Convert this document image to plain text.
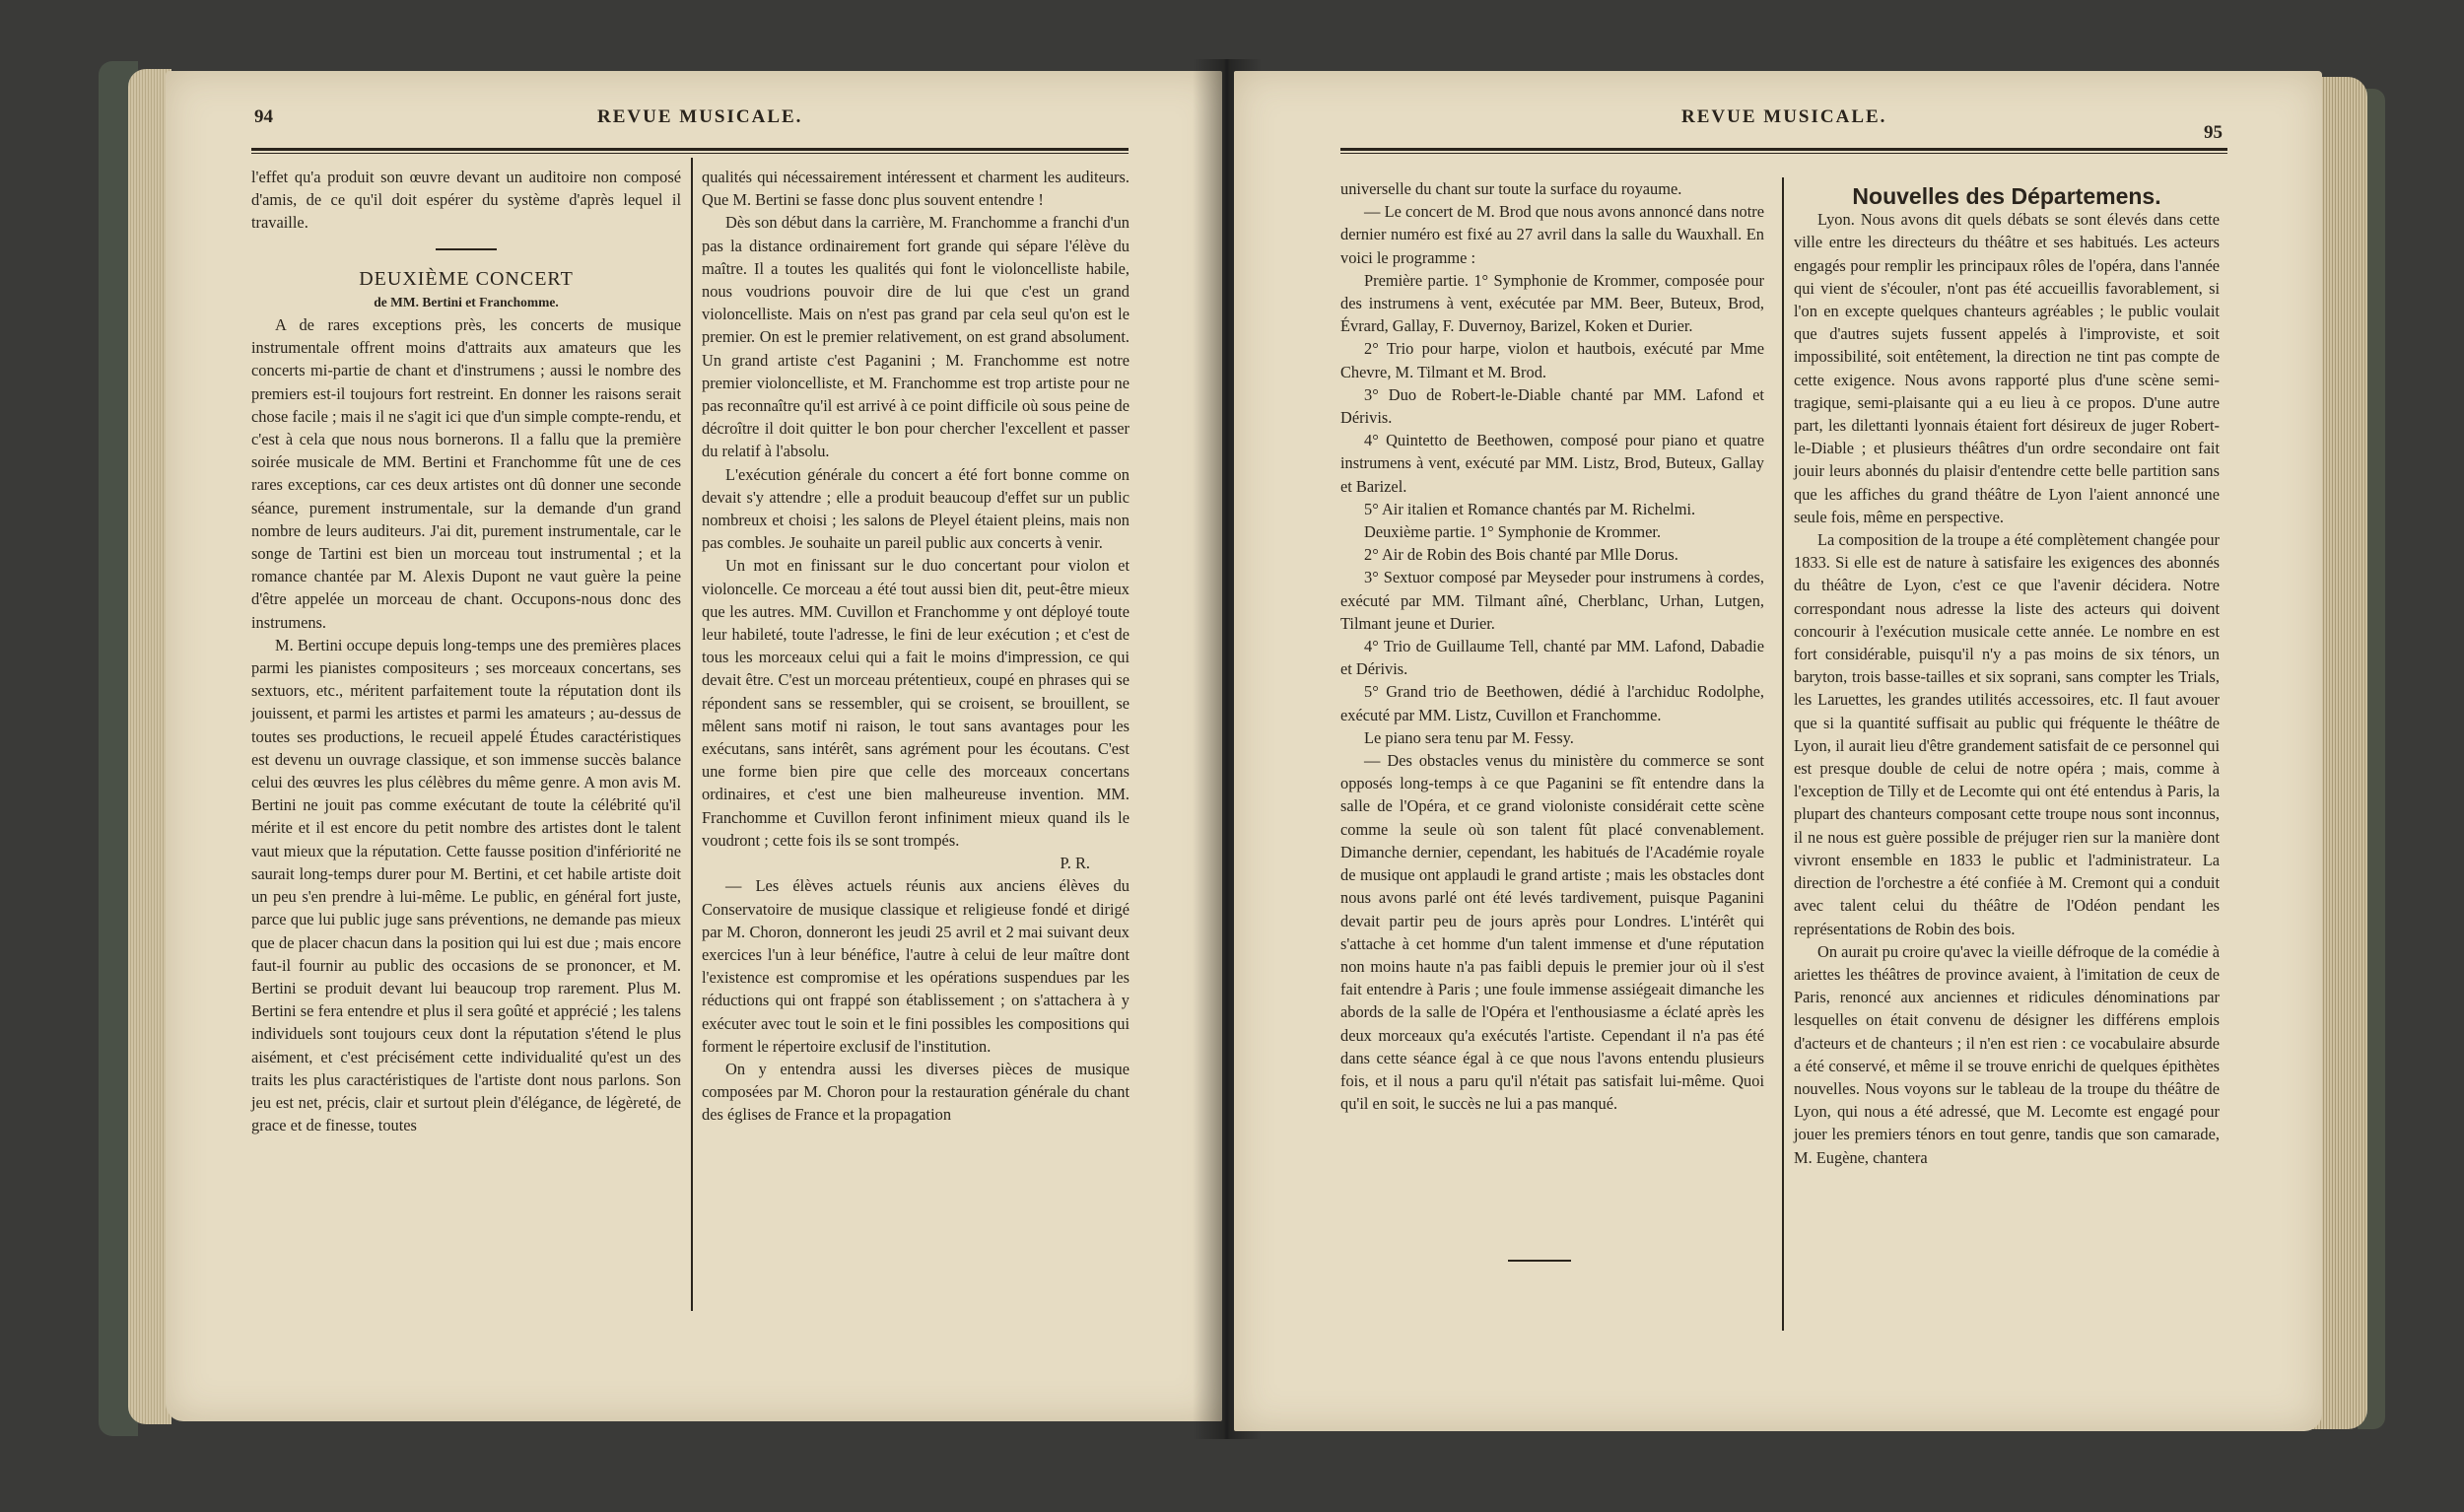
94	REVUE MUSICALE.

l'effet qu'a produit son œuvre devant un auditoire non composé d'amis, de ce qu'il doit espérer du système d'après lequel il travaille.

DEUXIÈME CONCERT

de MM. Bertini et Franchomme.

A de rares exceptions près, les concerts de musique instrumentale offrent moins d'attraits aux amateurs que les concerts mi-partie de chant et d'instrumens ; aussi le nombre des premiers est-il toujours fort restreint. En donner les raisons serait chose facile ; mais il ne s'agit ici que d'un simple compte-rendu, et c'est à cela que nous nous bornerons. Il a fallu que la première soirée musicale de MM. Bertini et Franchomme fût une de ces rares exceptions, car ces deux artistes ont dû donner une seconde séance, purement instrumentale, sur la demande d'un grand nombre de leurs auditeurs. J'ai dit, purement instrumentale, car le songe de Tartini est bien un morceau tout instrumental ; et la romance chantée par M. Alexis Dupont ne vaut guère la peine d'être appelée un morceau de chant. Occupons-nous donc des instrumens.

M. Bertini occupe depuis long-temps une des premières places parmi les pianistes compositeurs ; ses morceaux concertans, ses sextuors, etc., méritent parfaitement toute la réputation dont ils jouissent, et parmi les artistes et parmi les amateurs ; au-dessus de toutes ses productions, le recueil appelé Études caractéristiques est devenu un ouvrage classique, et son immense succès balance celui des œuvres les plus célèbres du même genre. A mon avis M. Bertini ne jouit pas comme exécutant de toute la célébrité qu'il mérite et il est encore du petit nombre des artistes dont le talent vaut mieux que la réputation. Cette fausse position d'infériorité ne saurait long-temps durer pour M. Bertini, et cet habile artiste doit un peu s'en prendre à lui-même. Le public, en général fort juste, parce que lui public juge sans préventions, ne demande pas mieux que de placer chacun dans la position qui lui est due ; mais encore faut-il fournir au public des occasions de se prononcer, et M. Bertini se produit devant lui beaucoup trop rarement. Plus M. Bertini se fera entendre et plus il sera goûté et apprécié ; les talens individuels sont toujours ceux dont la réputation s'étend le plus aisément, et c'est précisément cette individualité qu'est un des traits les plus caractéristiques de l'artiste dont nous parlons. Son jeu est net, précis, clair et surtout plein d'élégance, de légèreté, de grace et de finesse, toutes

qualités qui nécessairement intéressent et charment les auditeurs. Que M. Bertini se fasse donc plus souvent entendre !

Dès son début dans la carrière, M. Franchomme a franchi d'un pas la distance ordinairement fort grande qui sépare l'élève du maître. Il a toutes les qualités qui font le violoncelliste habile, nous voudrions pouvoir dire de lui que c'est un grand violoncelliste. Mais on n'est pas grand par cela seul qu'on est le premier. On est le premier relativement, on est grand absolument. Un grand artiste c'est Paganini ; M. Franchomme est notre premier violoncelliste, et M. Franchomme est trop artiste pour ne pas reconnaître qu'il est arrivé à ce point difficile où sous peine de décroître il doit quitter le bon pour chercher l'excellent et passer du relatif à l'absolu.

L'exécution générale du concert a été fort bonne comme on devait s'y attendre ; elle a produit beaucoup d'effet sur un public nombreux et choisi ; les salons de Pleyel étaient pleins, mais non pas combles. Je souhaite un pareil public aux concerts à venir.

Un mot en finissant sur le duo concertant pour violon et violoncelle. Ce morceau a été tout aussi bien dit, peut-être mieux que les autres. MM. Cuvillon et Franchomme y ont déployé toute leur habileté, toute l'adresse, le fini de leur exécution ; et c'est de tous les morceaux celui qui a fait le moins d'impression, ce qui devait être. C'est un morceau prétentieux, coupé en phrases qui se répondent sans se ressembler, qui se croisent, se brouillent, se mêlent sans motif ni raison, le tout sans avantages pour les exécutans, sans intérêt, sans agrément pour les écoutans. C'est une forme bien pire que celle des morceaux concertans ordinaires, et c'est une bien malheureuse invention. MM. Franchomme et Cuvillon feront infiniment mieux quand ils le voudront ; cette fois ils se sont trompés.

P. R.

— Les élèves actuels réunis aux anciens élèves du Conservatoire de musique classique et religieuse fondé et dirigé par M. Choron, donneront les jeudi 25 avril et 2 mai suivant deux exercices l'un à leur bénéfice, l'autre à celui de leur maître dont l'existence est compromise et les opérations suspendues par les réductions qui ont frappé son établissement ; on s'attachera à y exécuter avec tout le soin et le fini possibles les compositions qui forment le répertoire exclusif de l'institution.

On y entendra aussi les diverses pièces de musique composées par M. Choron pour la restauration générale du chant des églises de France et la propagation

REVUE MUSICALE.
95

universelle du chant sur toute la surface du royaume.

— Le concert de M. Brod que nous avons annoncé dans notre dernier numéro est fixé au 27 avril dans la salle du Wauxhall. En voici le programme :

Première partie. 1° Symphonie de Krommer, composée pour des instrumens à vent, exécutée par MM. Beer, Buteux, Brod, Évrard, Gallay, F. Duvernoy, Barizel, Koken et Durier.

2° Trio pour harpe, violon et hautbois, exécuté par Mme Chevre, M. Tilmant et M. Brod.

3° Duo de Robert-le-Diable chanté par MM. Lafond et Dérivis.

4° Quintetto de Beethowen, composé pour piano et quatre instrumens à vent, exécuté par MM. Listz, Brod, Buteux, Gallay et Barizel.

5° Air italien et Romance chantés par M. Richelmi.

Deuxième partie. 1° Symphonie de Krommer.

2° Air de Robin des Bois chanté par Mlle Dorus.

3° Sextuor composé par Meyseder pour instrumens à cordes, exécuté par MM. Tilmant aîné, Cherblanc, Urhan, Lutgen, Tilmant jeune et Durier.

4° Trio de Guillaume Tell, chanté par MM. Lafond, Dabadie et Dérivis.

5° Grand trio de Beethowen, dédié à l'archiduc Rodolphe, exécuté par MM. Listz, Cuvillon et Franchomme.

Le piano sera tenu par M. Fessy.

— Des obstacles venus du ministère du commerce se sont opposés long-temps à ce que Paganini se fît entendre dans la salle de l'Opéra, et ce grand violoniste considérait cette scène comme la seule où son talent fût placé convenablement. Dimanche dernier, cependant, les habitués de l'Académie royale de musique ont applaudi le grand artiste ; mais les obstacles dont nous avons parlé ont été levés tardivement, puisque Paganini devait partir peu de jours après pour Londres. L'intérêt qui s'attache à cet homme d'un talent immense et d'une réputation non moins haute n'a pas faibli depuis le premier jour où il s'est fait entendre à Paris ; une foule immense assiégeait dimanche les abords de la salle de l'Opéra et l'enthousiasme a éclaté après les deux morceaux qu'a exécutés l'artiste. Cependant il n'a pas été dans cette séance égal à ce que nous l'avons entendu plusieurs fois, et il nous a paru qu'il n'était pas satisfait lui-même. Quoi qu'il en soit, le succès ne lui a pas manqué.

Nouvelles des Départemens.

Lyon. Nous avons dit quels débats se sont élevés dans cette ville entre les directeurs du théâtre et ses habitués. Les acteurs engagés pour remplir les principaux rôles de l'opéra, dans l'année qui vient de s'écouler, n'ont pas été accueillis favorablement, si l'on en excepte quelques chanteurs agréables ; le public voulait que d'autres sujets fussent appelés à l'improviste, et soit impossibilité, soit entêtement, la direction ne tint pas compte de cette exigence. Nous avons rapporté plus d'une scène semi-tragique, semi-plaisante qui a eu lieu à ce propos. D'une autre part, les dilettanti lyonnais étaient fort désireux de juger Robert-le-Diable ; et plusieurs théâtres d'un ordre secondaire ont fait jouir leurs abonnés du plaisir d'entendre cette belle partition sans que les affiches du grand théâtre de Lyon l'aient annoncé une seule fois, même en perspective.

La composition de la troupe a été complètement changée pour 1833. Si elle est de nature à satisfaire les exigences des abonnés du théâtre de Lyon, c'est ce que l'avenir décidera. Notre correspondant nous adresse la liste des acteurs qui doivent concourir à l'exécution musicale cette année. Le nombre en est fort considérable, puisqu'il n'y a pas moins de six ténors, un baryton, trois basse-tailles et six soprani, sans compter les Trials, les Laruettes, les grandes utilités accessoires, etc. Il faut avouer que si la quantité suffisait au public qui fréquente le théâtre de Lyon, il aurait lieu d'être grandement satisfait de ce personnel qui est presque double de celui de notre opéra ; mais, comme à l'exception de Tilly et de Lecomte qui ont été entendus à Paris, la plupart des chanteurs composant cette troupe nous sont inconnus, il ne nous est guère possible de préjuger rien sur la manière dont vivront ensemble en 1833 le public et l'administrateur. La direction de l'orchestre a été confiée à M. Cremont qui a conduit avec talent celui du théâtre de l'Odéon pendant les représentations de Robin des bois.

On aurait pu croire qu'avec la vieille défroque de la comédie à ariettes les théâtres de province avaient, à l'imitation de ceux de Paris, renoncé aux anciennes et ridicules dénominations par lesquelles on était convenu de désigner les différens emplois d'acteurs et de chanteurs ; il n'en est rien : ce vocabulaire absurde a été conservé, et même il se trouve enrichi de quelques épithètes nouvelles. Nous voyons sur le tableau de la troupe du théâtre de Lyon, qui nous a été adressé, que M. Lecomte est engagé pour jouer les premiers ténors en tout genre, tandis que son camarade, M. Eugène, chantera
